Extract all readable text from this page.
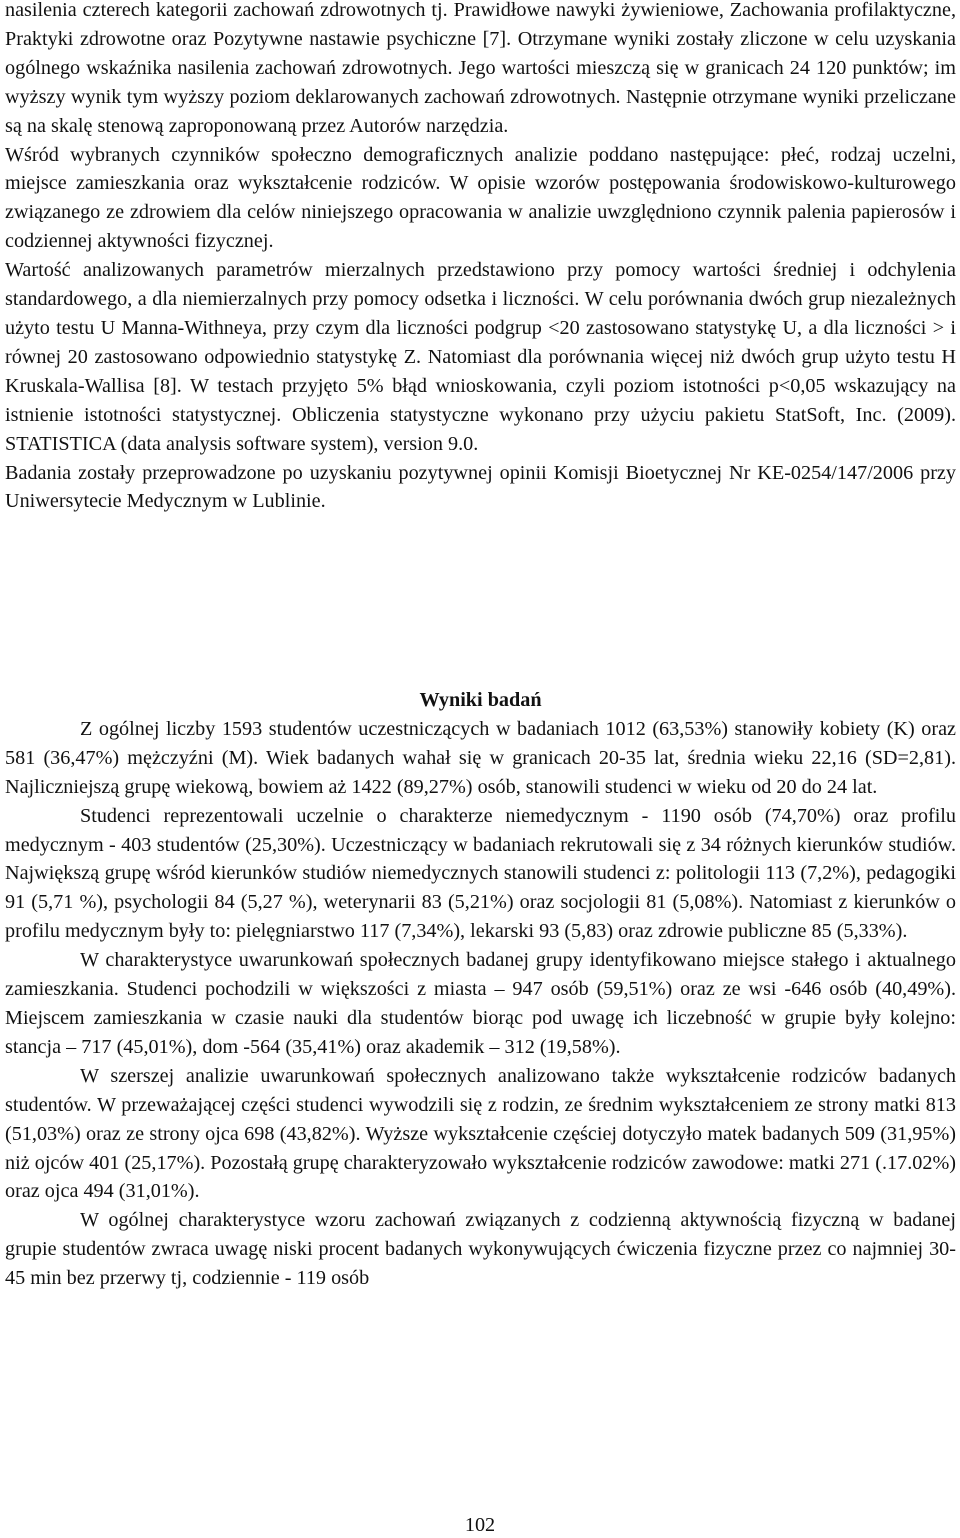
nasilenia czterech kategorii zachowań zdrowotnych tj. Prawidłowe nawyki żywieniowe, Zachowania profilaktyczne, Praktyki zdrowotne oraz Pozytywne nastawie psychiczne [7]. Otrzymane wyniki zostały zliczone w celu uzyskania ogólnego wskaźnika nasilenia zachowań zdrowotnych. Jego wartości mieszczą się w granicach 24 120 punktów; im wyższy wynik tym wyższy poziom deklarowanych zachowań zdrowotnych. Następnie otrzymane wyniki przeliczane są na skalę stenową zaproponowaną przez Autorów narzędzia.

Wśród wybranych czynników społeczno demograficznych analizie poddano następujące: płeć, rodzaj uczelni, miejsce zamieszkania oraz wykształcenie rodziców. W opisie wzorów postępowania środowiskowo-kulturowego związanego ze zdrowiem dla celów niniejszego opracowania w analizie uwzględniono czynnik palenia papierosów i codziennej aktywności fizycznej.

Wartość analizowanych parametrów mierzalnych przedstawiono przy pomocy wartości średniej i odchylenia standardowego, a dla niemierzalnych przy pomocy odsetka i liczności. W celu porównania dwóch grup niezależnych użyto testu U Manna-Withneya, przy czym dla liczności podgrup <20 zastosowano statystykę U, a dla liczności > i równej 20 zastosowano odpowiednio statystykę Z. Natomiast dla porównania więcej niż dwóch grup użyto testu H Kruskala-Wallisa [8]. W testach przyjęto 5% błąd wnioskowania, czyli poziom istotności p<0,05 wskazujący na istnienie istotności statystycznej. Obliczenia statystyczne wykonano przy użyciu pakietu StatSoft, Inc. (2009). STATISTICA (data analysis software system), version 9.0.

Badania zostały przeprowadzone po uzyskaniu pozytywnej opinii Komisji Bioetycznej Nr KE-0254/147/2006 przy Uniwersytecie Medycznym w Lublinie.

Wyniki badań

Z ogólnej liczby 1593 studentów uczestniczących w badaniach 1012 (63,53%) stanowiły kobiety (K) oraz 581 (36,47%) mężczyźni (M). Wiek badanych wahał się w granicach 20-35 lat, średnia wieku 22,16 (SD=2,81). Najliczniejszą grupę wiekową, bowiem aż 1422 (89,27%) osób, stanowili studenci w wieku od 20 do 24 lat.

Studenci reprezentowali uczelnie o charakterze niemedycznym - 1190 osób (74,70%) oraz profilu medycznym - 403 studentów (25,30%). Uczestniczący w badaniach rekrutowali się z 34 różnych kierunków studiów. Największą grupę wśród kierunków studiów niemedycznych stanowili studenci z: politologii 113 (7,2%), pedagogiki 91 (5,71 %), psychologii 84 (5,27 %), weterynarii 83 (5,21%) oraz socjologii 81 (5,08%). Natomiast z kierunków o profilu medycznym były to: pielęgniarstwo 117 (7,34%), lekarski 93 (5,83) oraz zdrowie publiczne 85 (5,33%).

W charakterystyce uwarunkowań społecznych badanej grupy identyfikowano miejsce stałego i aktualnego zamieszkania. Studenci pochodzili w większości z miasta – 947 osób (59,51%) oraz ze wsi -646 osób (40,49%). Miejscem zamieszkania w czasie nauki dla studentów biorąc pod uwagę ich liczebność w grupie były kolejno: stancja – 717 (45,01%), dom -564 (35,41%) oraz akademik – 312 (19,58%).

W szerszej analizie uwarunkowań społecznych analizowano także wykształcenie rodziców badanych studentów. W przeważającej części studenci wywodzili się z rodzin, ze średnim wykształceniem ze strony matki 813 (51,03%) oraz ze strony ojca 698 (43,82%). Wyższe wykształcenie częściej dotyczyło matek badanych 509 (31,95%) niż ojców 401 (25,17%). Pozostałą grupę charakteryzowało wykształcenie rodziców zawodowe: matki 271 (.17.02%) oraz ojca 494 (31,01%).

W ogólnej charakterystyce wzoru zachowań związanych z codzienną aktywnością fizyczną w badanej grupie studentów zwraca uwagę niski procent badanych wykonywujących ćwiczenia fizyczne przez co najmniej 30-45 min bez przerwy tj, codziennie - 119 osób

102
